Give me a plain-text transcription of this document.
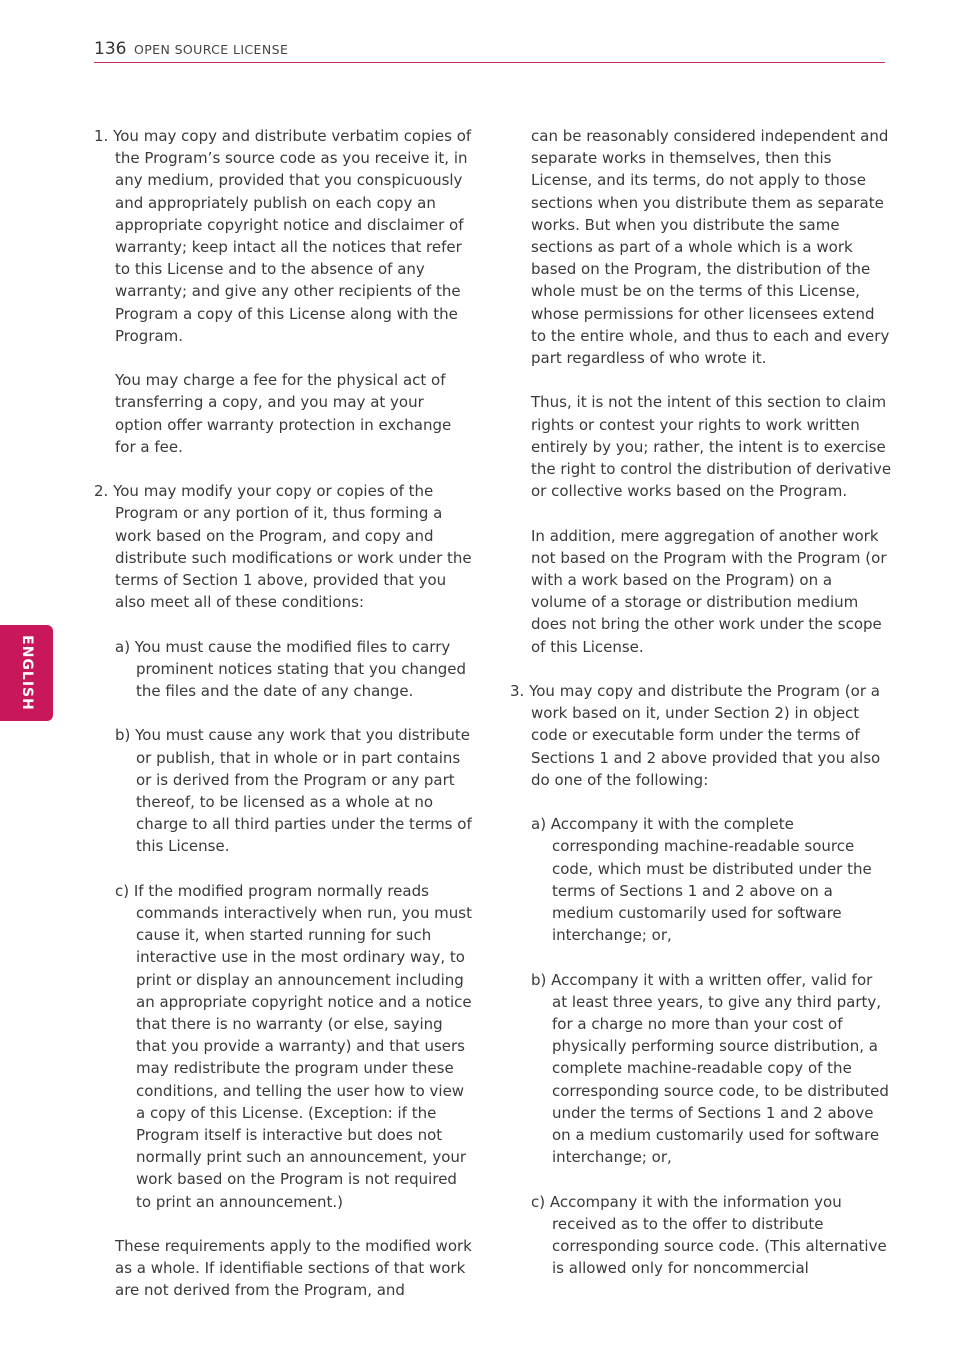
136 OPEN SOURCE LICENSE
ENGLISH

1. You may copy and distribute verbatim copies of the Program’s source code as you receive it, in any medium, provided that you conspicuously and appropriately publish on each copy an appropriate copyright notice and disclaimer of warranty; keep intact all the notices that refer to this License and to the absence of any warranty; and give any other recipients of the Program a copy of this License along with the Program.

You may charge a fee for the physical act of transferring a copy, and you may at your option offer warranty protection in exchange for a fee.

2. You may modify your copy or copies of the Program or any portion of it, thus forming a work based on the Program, and copy and distribute such modifications or work under the terms of Section 1 above, provided that you also meet all of these conditions:

a) You must cause the modified files to carry prominent notices stating that you changed the files and the date of any change.

b) You must cause any work that you distribute or publish, that in whole or in part contains or is derived from the Program or any part thereof, to be licensed as a whole at no charge to all third parties under the terms of this License.

c) If the modified program normally reads commands interactively when run, you must cause it, when started running for such interactive use in the most ordinary way, to print or display an announcement including an appropriate copyright notice and a notice that there is no warranty (or else, saying that you provide a warranty) and that users may redistribute the program under these conditions, and telling the user how to view a copy of this License. (Exception: if the Program itself is interactive but does not normally print such an announcement, your work based on the Program is not required to print an announcement.)

These requirements apply to the modified work as a whole. If identifiable sections of that work are not derived from the Program, and

can be reasonably considered independent and separate works in themselves, then this License, and its terms, do not apply to those sections when you distribute them as separate works. But when you distribute the same sections as part of a whole which is a work based on the Program, the distribution of the whole must be on the terms of this License, whose permissions for other licensees extend to the entire whole, and thus to each and every part regardless of who wrote it.

Thus, it is not the intent of this section to claim rights or contest your rights to work written entirely by you; rather, the intent is to exercise the right to control the distribution of derivative or collective works based on the Program.

In addition, mere aggregation of another work not based on the Program with the Program (or with a work based on the Program) on a volume of a storage or distribution medium does not bring the other work under the scope of this License.

3. You may copy and distribute the Program (or a work based on it, under Section 2) in object code or executable form under the terms of Sections 1 and 2 above provided that you also do one of the following:

a) Accompany it with the complete corresponding machine-readable source code, which must be distributed under the terms of Sections 1 and 2 above on a medium customarily used for software interchange; or,

b) Accompany it with a written offer, valid for at least three years, to give any third party, for a charge no more than your cost of physically performing source distribution, a complete machine-readable copy of the corresponding source code, to be distributed under the terms of Sections 1 and 2 above on a medium customarily used for software interchange; or,

c) Accompany it with the information you received as to the offer to distribute corresponding source code. (This alternative is allowed only for noncommercial
